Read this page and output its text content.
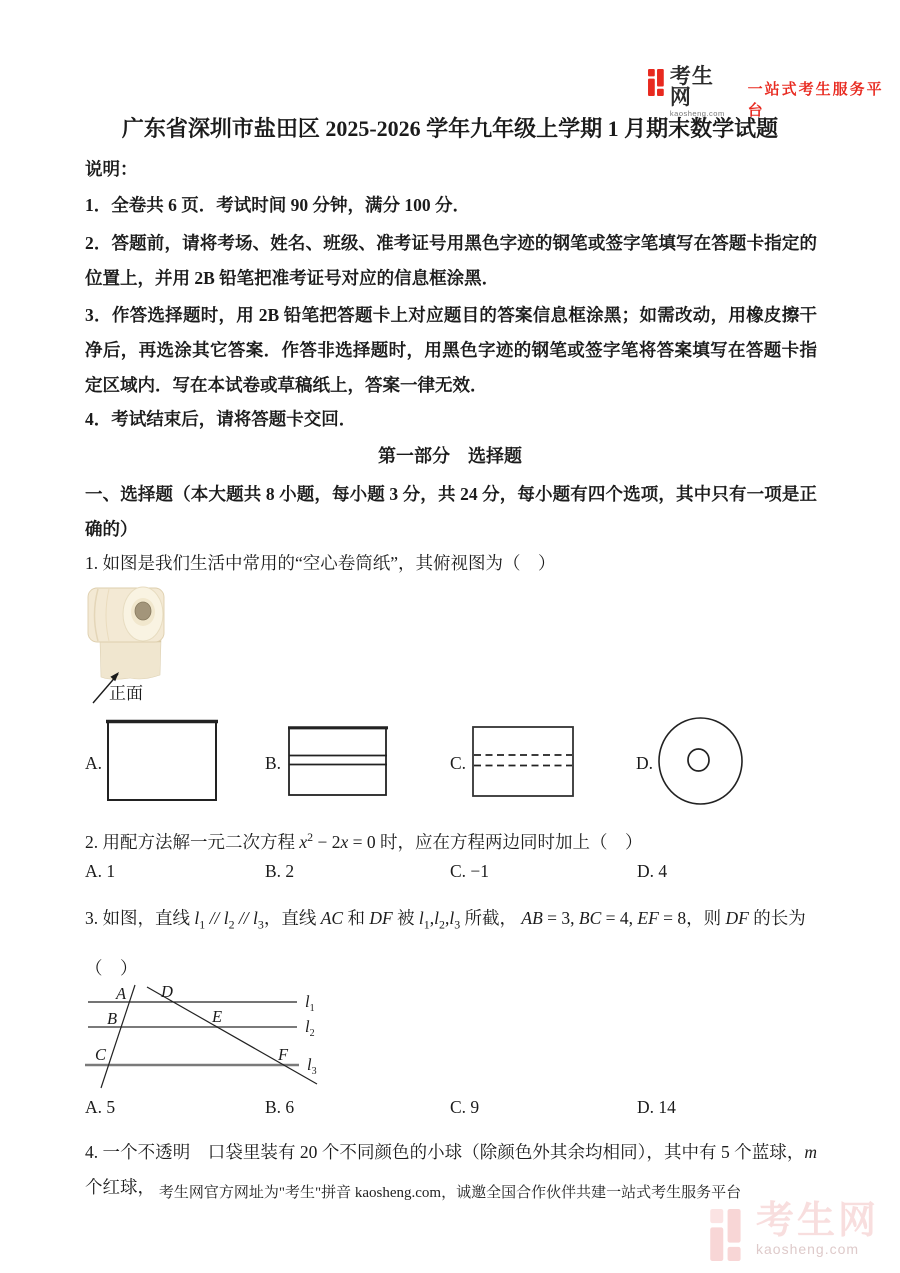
考生网
kaosheng.com
一站式考生服务平台
广东省深圳市盐田区 2025-2026 学年九年级上学期 1 月期末数学试题
说明：
1．全卷共 6 页．考试时间 90 分钟，满分 100 分．
2．答题前，请将考场、姓名、班级、准考证号用黑色字迹的钢笔或签字笔填写在答题卡指定的位置上，并用 2B 铅笔把准考证号对应的信息框涂黑．
3．作答选择题时，用 2B 铅笔把答题卡上对应题目的答案信息框涂黑；如需改动，用橡皮擦干净后，再选涂其它答案．作答非选择题时，用黑色字迹的钢笔或签字笔将答案填写在答题卡指定区域内．写在本试卷或草稿纸上，答案一律无效．
4．考试结束后，请将答题卡交回．
第一部分　选择题
一、选择题（本大题共 8 小题，每小题 3 分，共 24 分，每小题有四个选项，其中只有一项是正确的）
1. 如图是我们生活中常用的“空心卷筒纸”，其俯视图为（　）
正面
A.	B.	C.	D.
2. 用配方法解一元二次方程 $x^2 - 2x = 0$ 时，应在方程两边同时加上（　）
A. 1	B. 2	C. −1	D. 4
3. 如图，直线 $l_1 // l_2 // l_3$，直线 AC 和 DF 被 $l_1,l_2,l_3$ 所截， AB = 3, BC = 4, EF = 8，则 DF 的长为
（　）
A D
B	E
C	F
$l_1$
$l_2$
$l_3$
A. 5	B. 6	C. 9	D. 14
4. 一个不透明　口袋里装有 20 个不同颜色的小球（除颜色外其余均相同），其中有 5 个蓝球，m 个红球， 考生网官方网址为"考生"拼音 kaosheng.com，诚邀全国合作伙伴共建一站式考生服务平台
考生网
kaosheng.com
